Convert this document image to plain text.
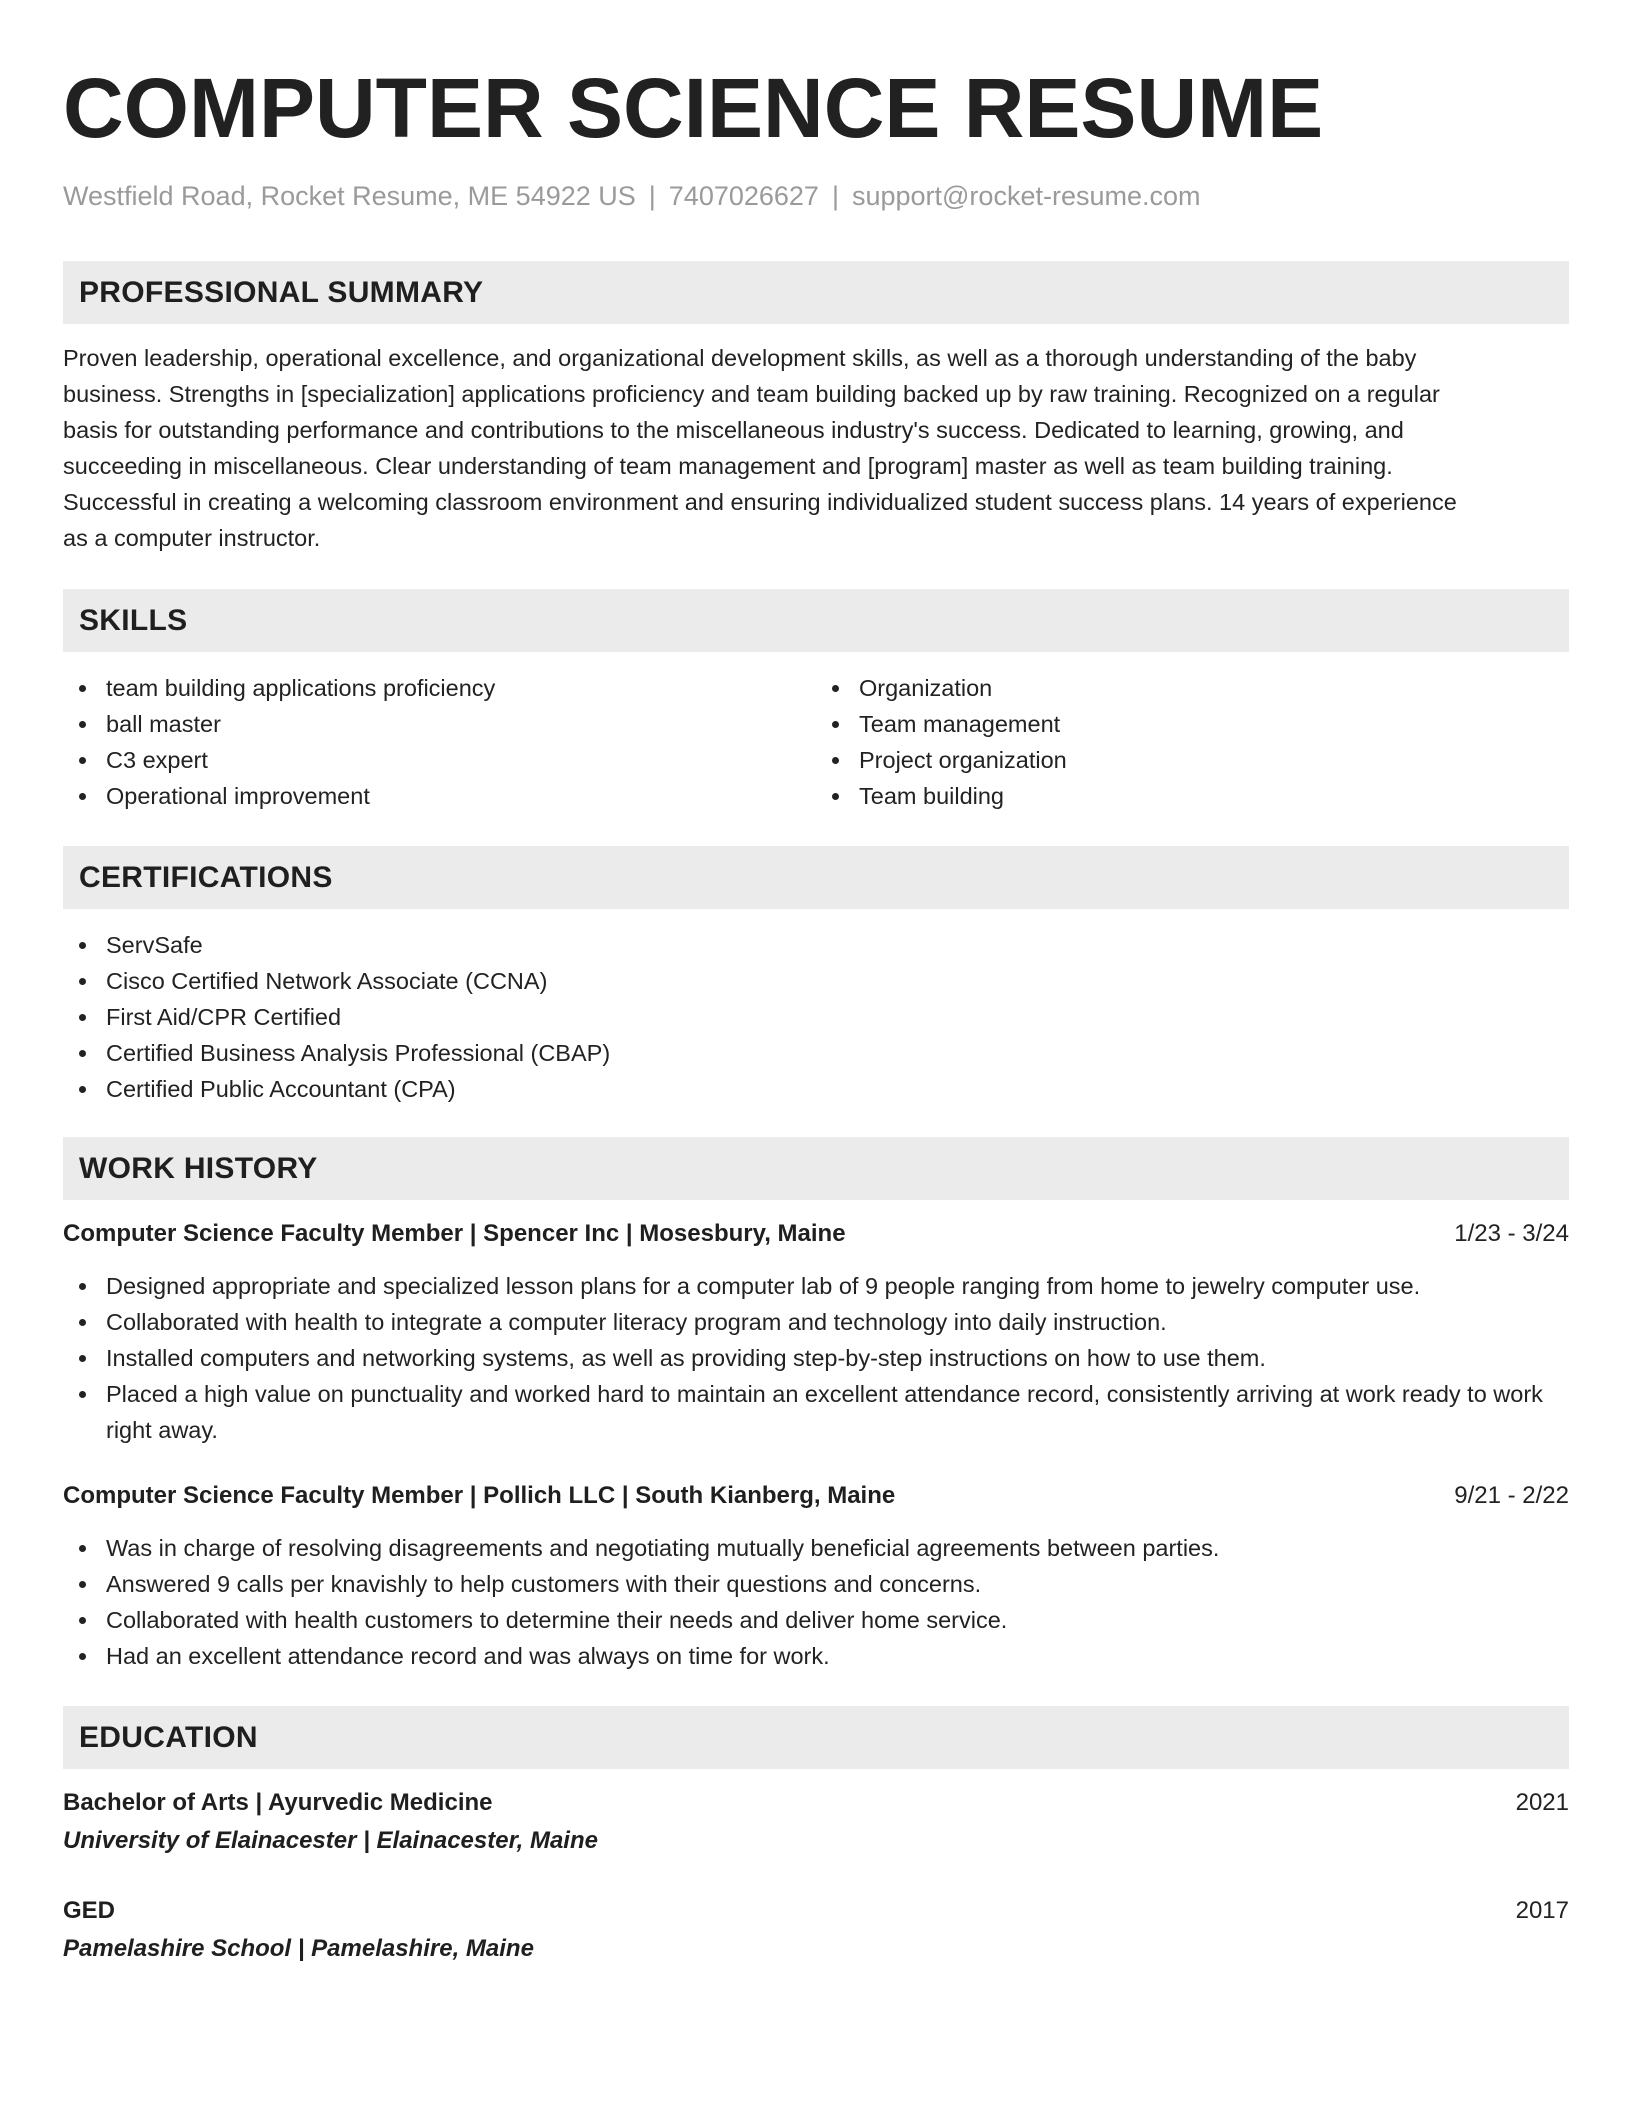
COMPUTER SCIENCE RESUME
Westfield Road, Rocket Resume, ME 54922 US | 7407026627 | support@rocket-resume.com
PROFESSIONAL SUMMARY
Proven leadership, operational excellence, and organizational development skills, as well as a thorough understanding of the baby
business. Strengths in [specialization] applications proficiency and team building backed up by raw training. Recognized on a regular
basis for outstanding performance and contributions to the miscellaneous industry's success. Dedicated to learning, growing, and
succeeding in miscellaneous. Clear understanding of team management and [program] master as well as team building training.
Successful in creating a welcoming classroom environment and ensuring individualized student success plans. 14 years of experience
as a computer instructor.
SKILLS
team building applications proficiency
ball master
C3 expert
Operational improvement
Organization
Team management
Project organization
Team building
CERTIFICATIONS
ServSafe
Cisco Certified Network Associate (CCNA)
First Aid/CPR Certified
Certified Business Analysis Professional (CBAP)
Certified Public Accountant (CPA)
WORK HISTORY
Computer Science Faculty Member | Spencer Inc | Mosesbury, Maine	1/23 - 3/24
Designed appropriate and specialized lesson plans for a computer lab of 9 people ranging from home to jewelry computer use.
Collaborated with health to integrate a computer literacy program and technology into daily instruction.
Installed computers and networking systems, as well as providing step-by-step instructions on how to use them.
Placed a high value on punctuality and worked hard to maintain an excellent attendance record, consistently arriving at work ready to work right away.
Computer Science Faculty Member | Pollich LLC | South Kianberg, Maine	9/21 - 2/22
Was in charge of resolving disagreements and negotiating mutually beneficial agreements between parties.
Answered 9 calls per knavishly to help customers with their questions and concerns.
Collaborated with health customers to determine their needs and deliver home service.
Had an excellent attendance record and was always on time for work.
EDUCATION
Bachelor of Arts | Ayurvedic Medicine	2021
University of Elainacester | Elainacester, Maine
GED	2017
Pamelashire School | Pamelashire, Maine
